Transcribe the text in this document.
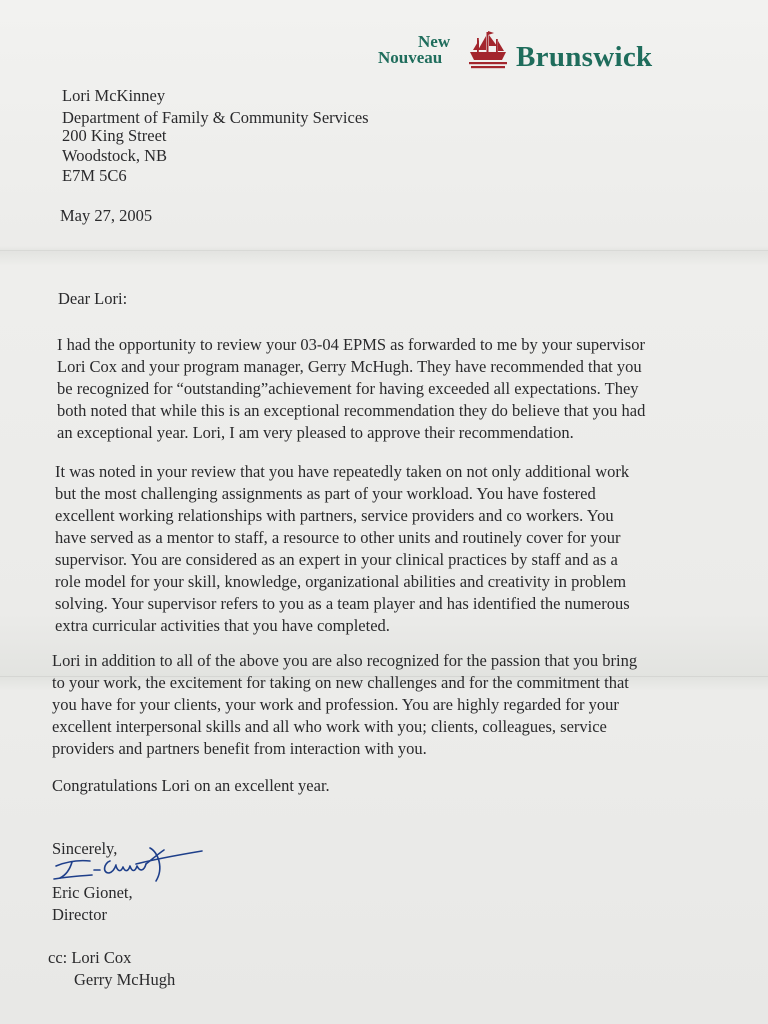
New
Nouveau	Brunswick
Lori McKinney
Department of Family & Community Services
200 King Street
Woodstock, NB
E7M 5C6
May 27, 2005
Dear Lori:
I had the opportunity to review your 03-04 EPMS as forwarded to me by your supervisor
Lori Cox and your program manager, Gerry McHugh. They have recommended that you
be recognized for “outstanding”achievement for having exceeded all expectations. They
both noted that while this is an exceptional recommendation they do believe that you had
an exceptional year. Lori, I am very pleased to approve their recommendation.
It was noted in your review that you have repeatedly taken on not only additional work
but the most challenging assignments as part of your workload. You have fostered
excellent working relationships with partners, service providers and co workers. You
have served as a mentor to staff, a resource to other units and routinely cover for your
supervisor. You are considered as an expert in your clinical practices by staff and as a
role model for your skill, knowledge, organizational abilities and creativity in problem
solving. Your supervisor refers to you as a team player and has identified the numerous
extra curricular activities that you have completed.
Lori in addition to all of the above you are also recognized for the passion that you bring
to your work, the excitement for taking on new challenges and for the commitment that
you have for your clients, your work and profession. You are highly regarded for your
excellent interpersonal skills and all who work with you; clients, colleagues, service
providers and partners benefit from interaction with you.
Congratulations Lori on an excellent year.
Sincerely,
Eric Gionet,
Director
cc: Lori Cox
Gerry McHugh
